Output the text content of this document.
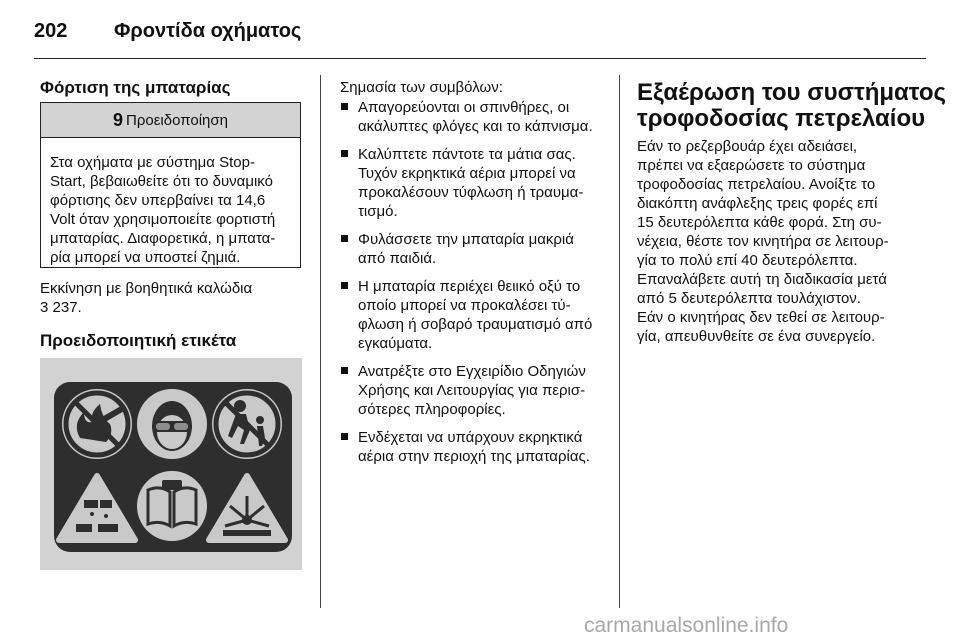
202 Φροντίδα οχήματος
Φόρτιση της μπαταρίας
9 Προειδοποίηση
Στα οχήματα με σύστημα Stop-
Start, βεβαιωθείτε ότι το δυναμικό
φόρτισης δεν υπερβαίνει τα 14,6
Volt όταν χρησιμοποιείτε φορτιστή
μπαταρίας. Διαφορετικά, η μπατα-
ρία μπορεί να υποστεί ζημιά.
Εκκίνηση με βοηθητικά καλώδια
3 237.
Προειδοποιητική ετικέτα
Σημασία των συμβόλων:
Απαγορεύονται οι σπινθήρες, οι
ακάλυπτες φλόγες και το κάπνισμα.
Καλύπτετε πάντοτε τα μάτια σας.
Τυχόν εκρηκτικά αέρια μπορεί να
προκαλέσουν τύφλωση ή τραυμα-
τισμό.
Φυλάσσετε την μπαταρία μακριά
από παιδιά.
Η μπαταρία περιέχει θειικό οξύ το
οποίο μπορεί να προκαλέσει τύ-
φλωση ή σοβαρό τραυματισμό από
εγκαύματα.
Ανατρέξτε στο Εγχειρίδιο Οδηγιών
Χρήσης και Λειτουργίας για περισ-
σότερες πληροφορίες.
Ενδέχεται να υπάρχουν εκρηκτικά
αέρια στην περιοχή της μπαταρίας.
Εξαέρωση του συστήματος
τροφοδοσίας πετρελαίου
Εάν το ρεζερβουάρ έχει αδειάσει,
πρέπει να εξαερώσετε το σύστημα
τροφοδοσίας πετρελαίου. Ανοίξτε το
διακόπτη ανάφλεξης τρεις φορές επί
15 δευτερόλεπτα κάθε φορά. Στη συ-
νέχεια, θέστε τον κινητήρα σε λειτουρ-
γία το πολύ επί 40 δευτερόλεπτα.
Επαναλάβετε αυτή τη διαδικασία μετά
από 5 δευτερόλεπτα τουλάχιστον.
Εάν ο κινητήρας δεν τεθεί σε λειτουρ-
γία, απευθυνθείτε σε ένα συνεργείο.
carmanualsonline.info
